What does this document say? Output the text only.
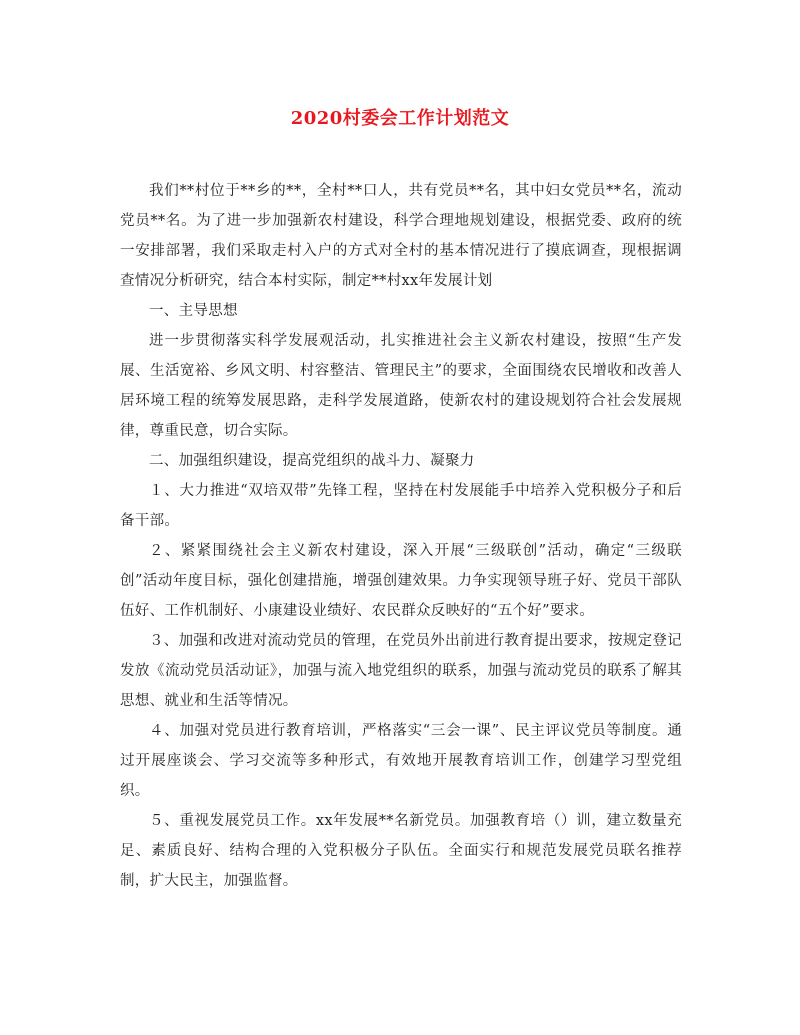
2020村委会工作计划范文

我们**村位于**乡的**，全村**口人，共有党员**名，其中妇女党员**名，流动党员**名。为了进一步加强新农村建设，科学合理地规划建设，根据党委、政府的统一安排部署，我们采取走村入户的方式对全村的基本情况进行了摸底调查，现根据调查情况分析研究，结合本村实际，制定**村xx年发展计划

一、主导思想

进一步贯彻落实科学发展观活动，扎实推进社会主义新农村建设，按照“生产发展、生活宽裕、乡风文明、村容整洁、管理民主”的要求，全面围绕农民增收和改善人居环境工程的统筹发展思路，走科学发展道路，使新农村的建设规划符合社会发展规律，尊重民意，切合实际。

二、加强组织建设，提高党组织的战斗力、凝聚力

１、大力推进“双培双带”先锋工程，坚持在村发展能手中培养入党积极分子和后备干部。

２、紧紧围绕社会主义新农村建设，深入开展“三级联创”活动，确定“三级联创”活动年度目标，强化创建措施，增强创建效果。力争实现领导班子好、党员干部队伍好、工作机制好、小康建设业绩好、农民群众反映好的“五个好”要求。

３、加强和改进对流动党员的管理，在党员外出前进行教育提出要求，按规定登记发放《流动党员活动证》，加强与流入地党组织的联系，加强与流动党员的联系了解其思想、就业和生活等情况。

４、加强对党员进行教育培训，严格落实“三会一课”、民主评议党员等制度。通过开展座谈会、学习交流等多种形式，有效地开展教育培训工作，创建学习型党组织。

５、重视发展党员工作。xx年发展**名新党员。加强教育培（）训，建立数量充足、素质良好、结构合理的入党积极分子队伍。全面实行和规范发展党员联名推荐制，扩大民主，加强监督。
